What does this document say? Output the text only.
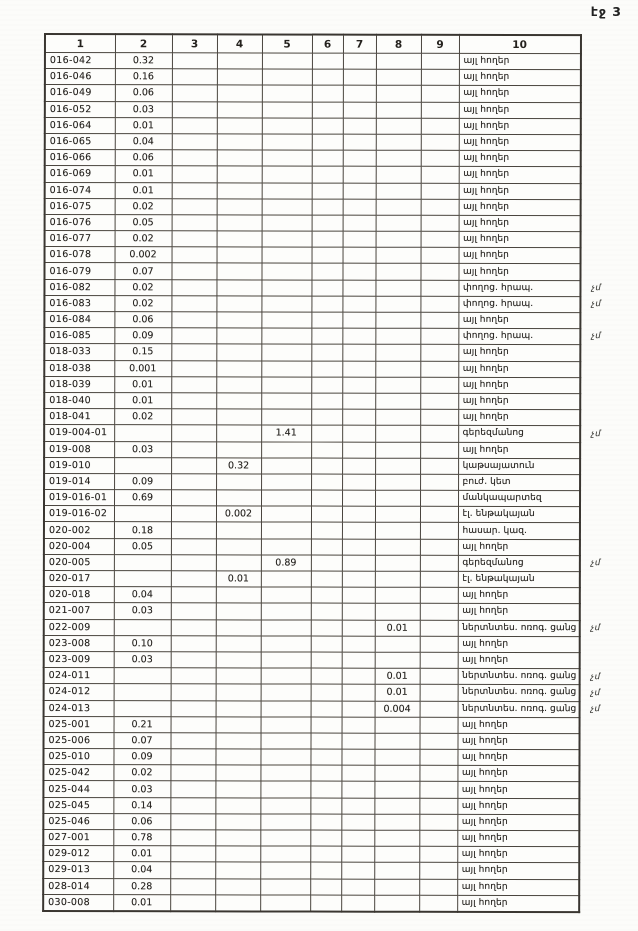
էջ 3
1	2	3	4	5	6	7	8	9	10
016-042	0.32								այլ հողեր
016-046	0.16								այլ հողեր
016-049	0.06								այլ հողեր
016-052	0.03								այլ հողեր
016-064	0.01								այլ հողեր
016-065	0.04								այլ հողեր
016-066	0.06								այլ հողեր
016-069	0.01								այլ հողեր
016-074	0.01								այլ հողեր
016-075	0.02								այլ հողեր
016-076	0.05								այլ հողեր
016-077	0.02								այլ հողեր
016-078	0.002								այլ հողեր
016-079	0.07								այլ հողեր
016-082	0.02								փողոց. հրապ.
016-083	0.02								փողոց. հրապ.
016-084	0.06								այլ հողեր
016-085	0.09								փողոց. հրապ.
018-033	0.15								այլ հողեր
018-038	0.001								այլ հողեր
018-039	0.01								այլ հողեր
018-040	0.01								այլ հողեր
018-041	0.02								այլ հողեր
019-004-01				1.41					գերեզմանոց
019-008	0.03								այլ հողեր
019-010			0.32						կաթսայատուն
019-014	0.09								բուժ. կետ
019-016-01	0.69								մանկապարտեզ
019-016-02			0.002						էլ. ենթակայան
020-002	0.18								հասար. կազ.
020-004	0.05								այլ հողեր
020-005				0.89					գերեզմանոց
020-017			0.01						էլ. ենթակայան
020-018	0.04								այլ հողեր
021-007	0.03								այլ հողեր
022-009							0.01		ներտնտես. ոռոգ. ցանց
023-008	0.10								այլ հողեր
023-009	0.03								այլ հողեր
024-011							0.01		ներտնտես. ոռոգ. ցանց
024-012							0.01		ներտնտես. ոռոգ. ցանց
024-013							0.004		ներտնտես. ոռոգ. ցանց
025-001	0.21								այլ հողեր
025-006	0.07								այլ հողեր
025-010	0.09								այլ հողեր
025-042	0.02								այլ հողեր
025-044	0.03								այլ հողեր
025-045	0.14								այլ հողեր
025-046	0.06								այլ հողեր
027-001	0.78								այլ հողեր
029-012	0.01								այլ հողեր
029-013	0.04								այլ հողեր
028-014	0.28								այլ հողեր
030-008	0.01								այլ հողեր
չմ
չմ
չմ
չմ
չմ
չմ
չմ
չմ
չմ
